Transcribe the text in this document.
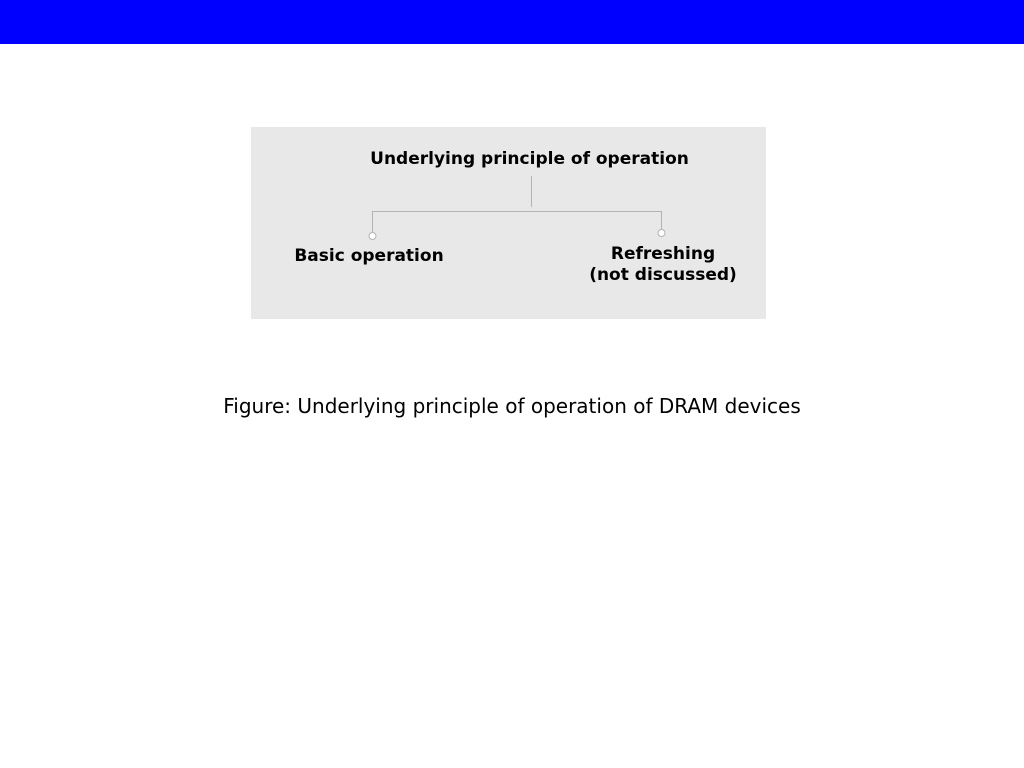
Underlying principle of operation
Basic operation	Refreshing
(not discussed)
Figure: Underlying principle of operation of DRAM devices
